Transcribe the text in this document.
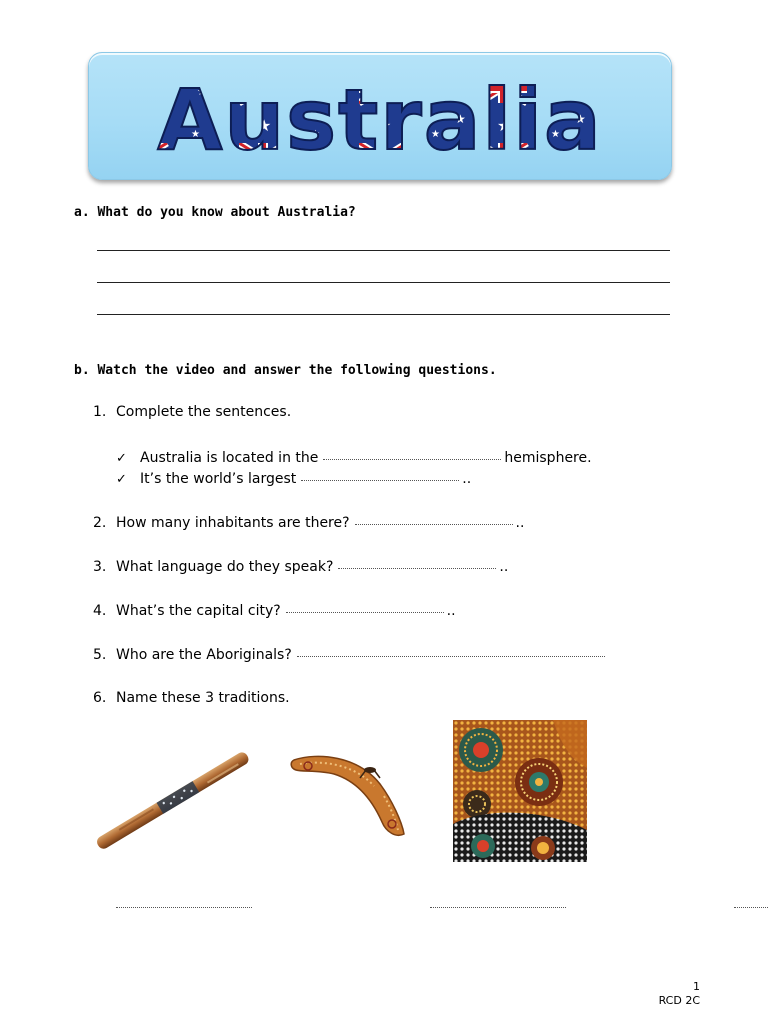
Australia
a. What do you know about Australia?
b. Watch the video and answer the following questions.
1. Complete the sentences.
✓ Australia is located in the	hemisphere.
✓ It’s the world’s largest	..
2. How many inhabitants are there?	..
3. What language do they speak?	..
4. What’s the capital city?	..
5. Who are the Aboriginals?
6. Name these 3 traditions.

1
RCD 2C
